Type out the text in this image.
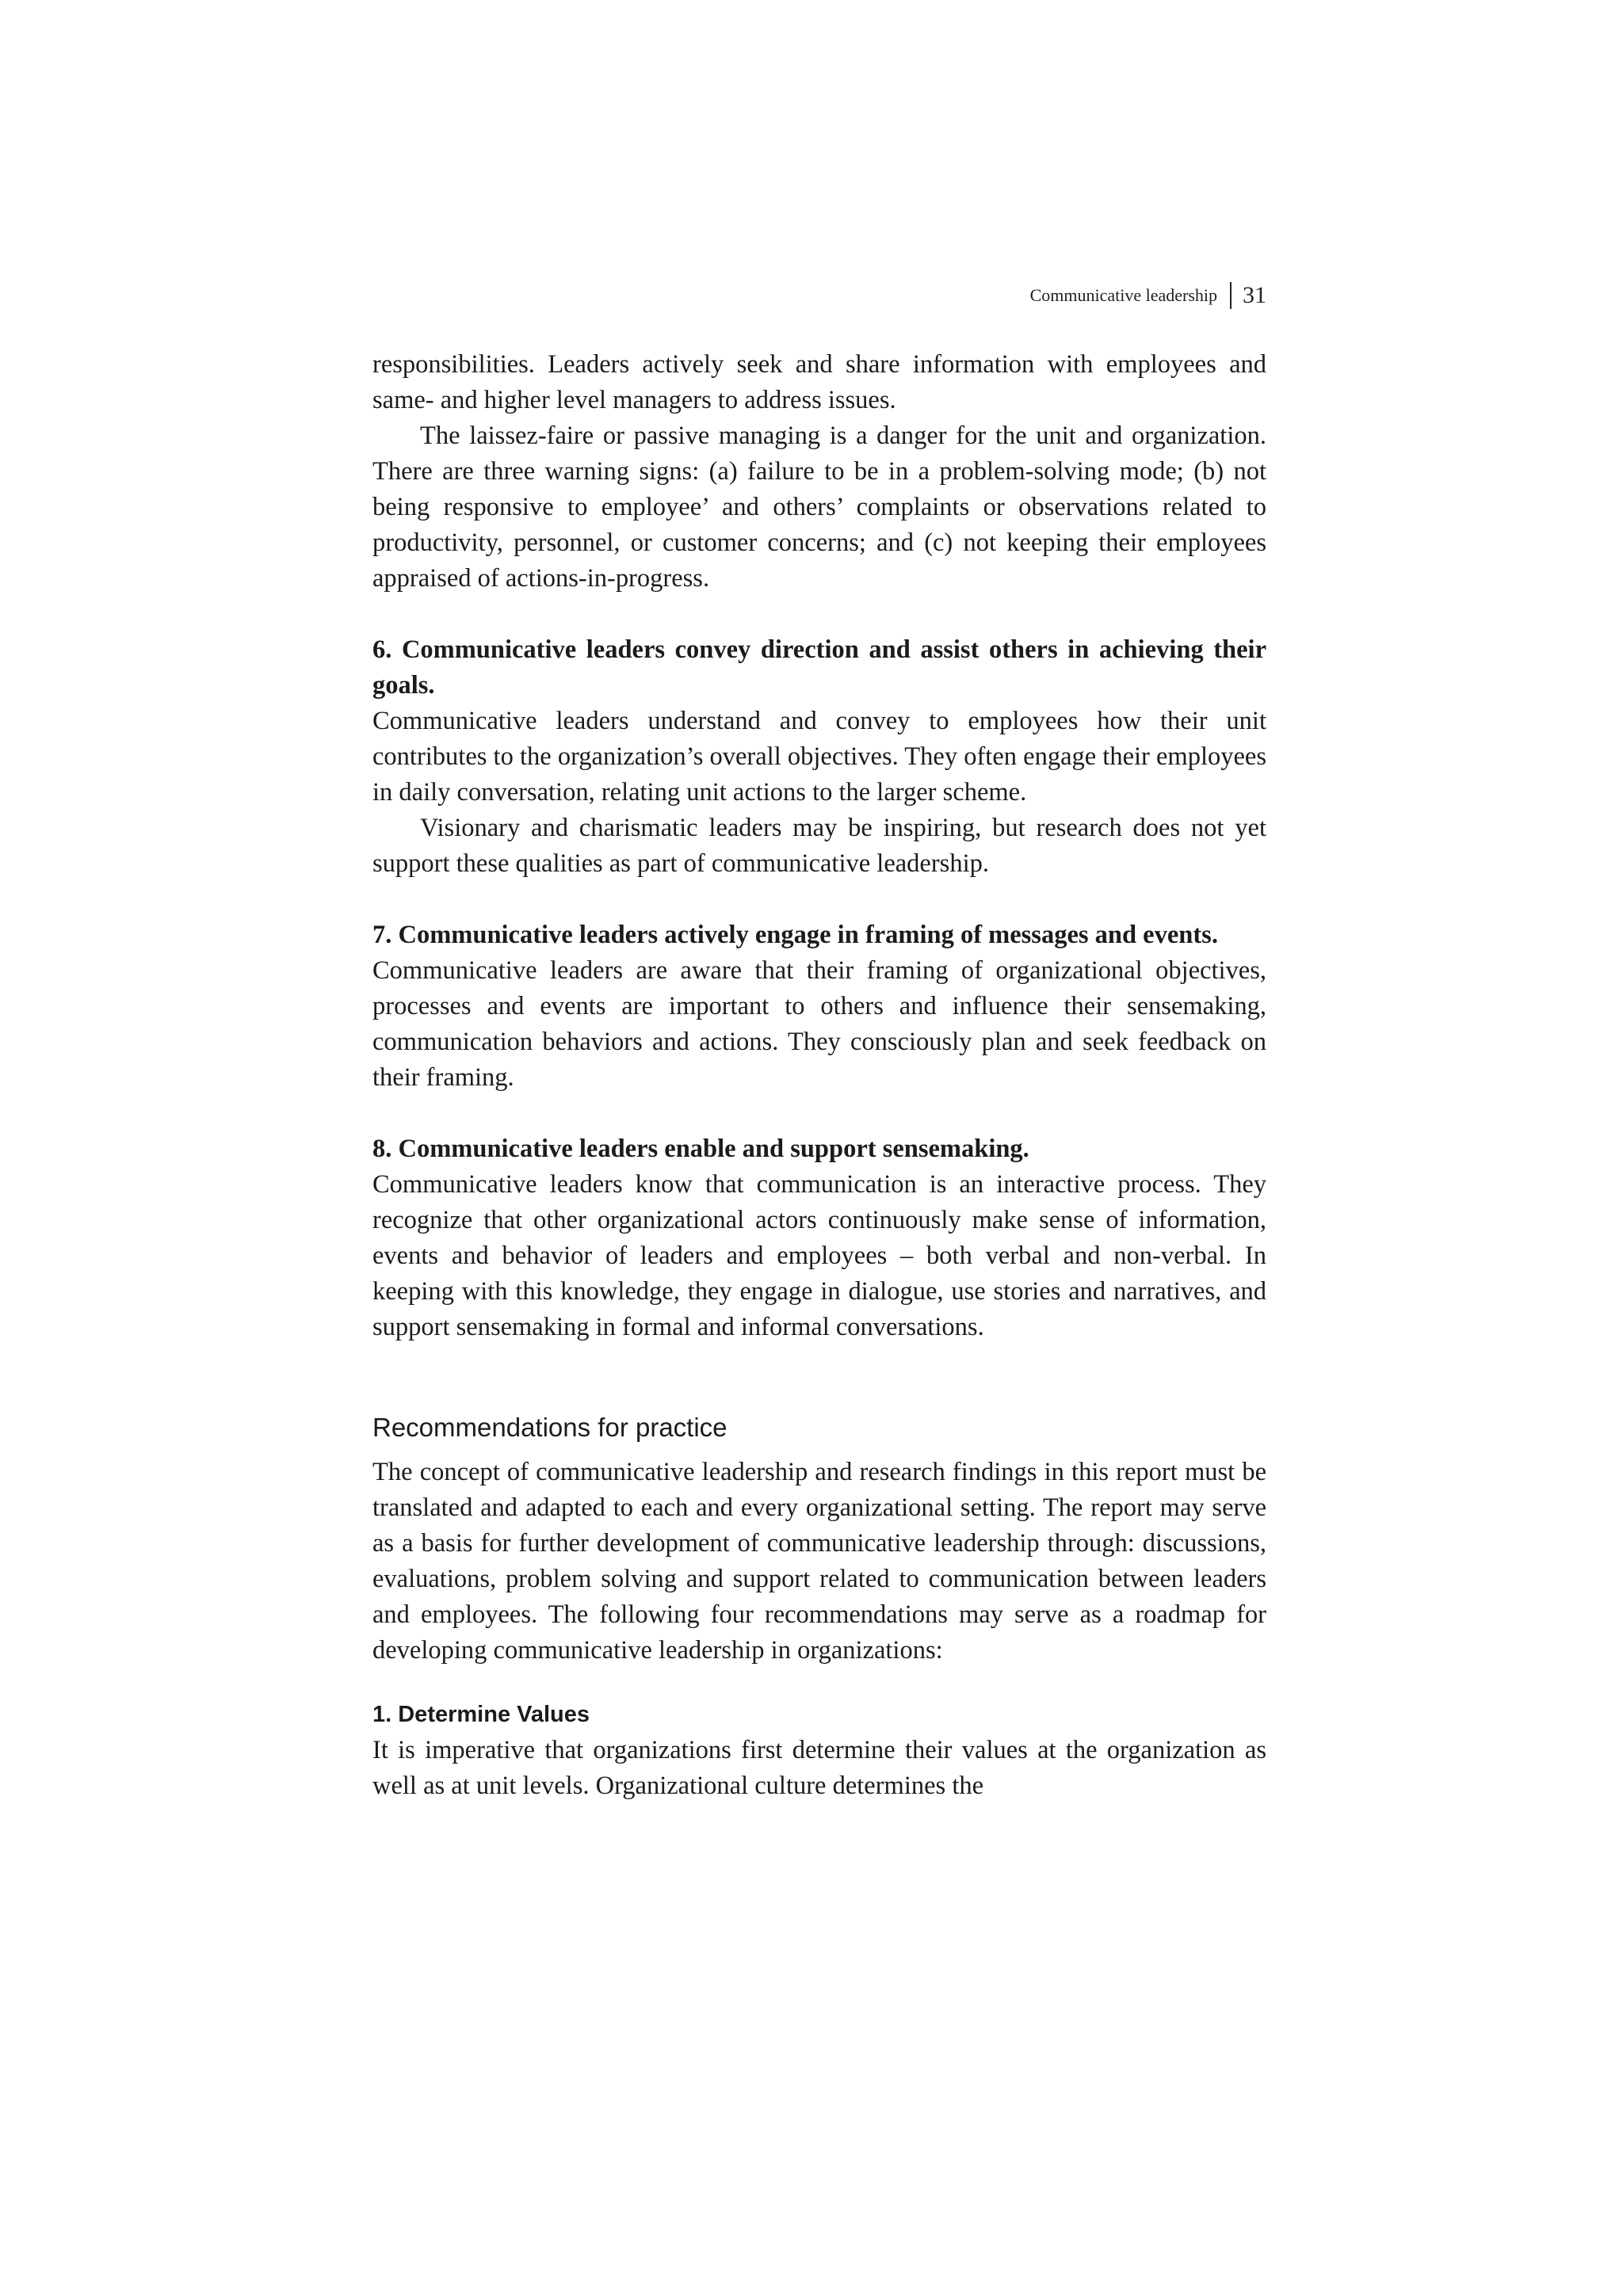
Communicative leadership 31

responsibilities. Leaders actively seek and share information with employees and same- and higher level managers to address issues.

The laissez-faire or passive managing is a danger for the unit and organization. There are three warning signs: (a) failure to be in a problem-solving mode; (b) not being responsive to employee’ and others’ complaints or observations related to productivity, personnel, or customer concerns; and (c) not keeping their employees appraised of actions-in-progress.

6. Communicative leaders convey direction and assist others in achieving their goals.

Communicative leaders understand and convey to employees how their unit contributes to the organization’s overall objectives. They often engage their employees in daily conversation, relating unit actions to the larger scheme.

Visionary and charismatic leaders may be inspiring, but research does not yet support these qualities as part of communicative leadership.

7. Communicative leaders actively engage in framing of messages and events.

Communicative leaders are aware that their framing of organizational objectives, processes and events are important to others and influence their sensemaking, communication behaviors and actions. They consciously plan and seek feedback on their framing.

8. Communicative leaders enable and support sensemaking.

Communicative leaders know that communication is an interactive process. They recognize that other organizational actors continuously make sense of information, events and behavior of leaders and employees – both verbal and non-verbal. In keeping with this knowledge, they engage in dialogue, use stories and narratives, and support sensemaking in formal and informal conversations.

Recommendations for practice

The concept of communicative leadership and research findings in this report must be translated and adapted to each and every organizational setting. The report may serve as a basis for further development of communicative leadership through: discussions, evaluations, problem solving and support related to communication between leaders and employees. The following four recommendations may serve as a roadmap for developing communicative leadership in organizations:

1. Determine Values

It is imperative that organizations first determine their values at the organization as well as at unit levels. Organizational culture determines the
